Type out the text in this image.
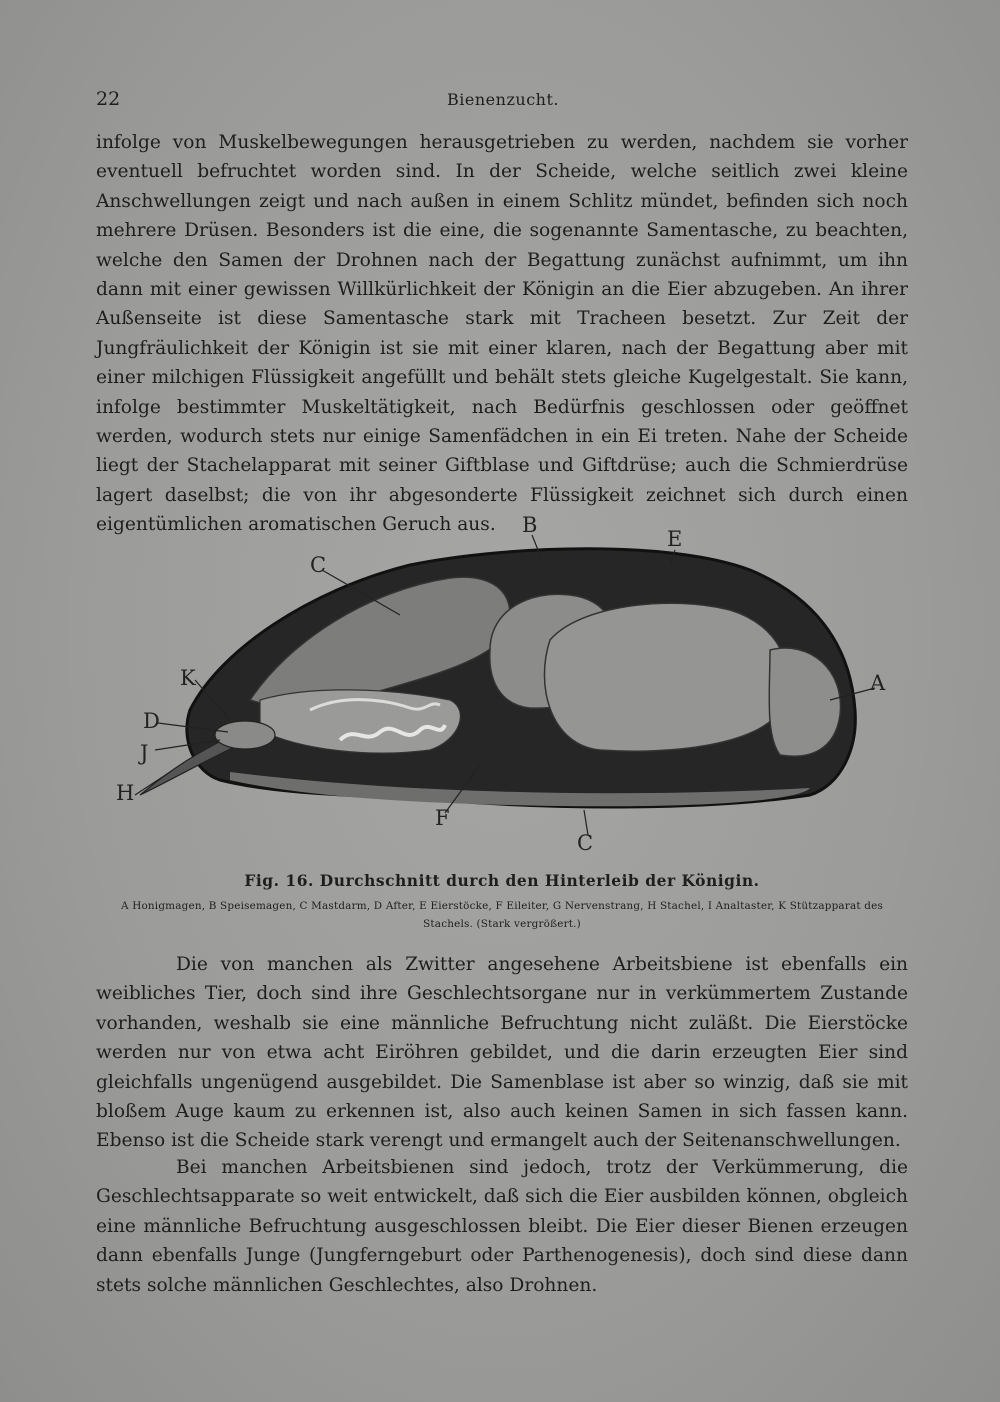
22	Bienenzucht.

infolge von Muskelbewegungen herausgetrieben zu werden, nachdem sie vorher eventuell befruchtet worden sind. In der Scheide, welche seitlich zwei kleine Anschwellungen zeigt und nach außen in einem Schlitz mündet, befinden sich noch mehrere Drüsen. Besonders ist die eine, die sogenannte Samentasche, zu beachten, welche den Samen der Drohnen nach der Begattung zunächst aufnimmt, um ihn dann mit einer gewissen Willkürlichkeit der Königin an die Eier abzugeben. An ihrer Außenseite ist diese Samentasche stark mit Tracheen besetzt. Zur Zeit der Jungfräulichkeit der Königin ist sie mit einer klaren, nach der Begattung aber mit einer milchigen Flüssigkeit angefüllt und behält stets gleiche Kugelgestalt. Sie kann, infolge bestimmter Muskeltätigkeit, nach Bedürfnis geschlossen oder geöffnet werden, wodurch stets nur einige Samenfädchen in ein Ei treten. Nahe der Scheide liegt der Stachelapparat mit seiner Giftblase und Giftdrüse; auch die Schmierdrüse lagert daselbst; die von ihr abgesonderte Flüssigkeit zeichnet sich durch einen eigentümlichen aromatischen Geruch aus.	B
E
C
A
K
D
J
H
F
C
Fig. 16. Durchschnitt durch den Hinterleib der Königin.
A Honigmagen, B Speisemagen, C Mastdarm, D After, E Eierstöcke, F Eileiter, G Nervenstrang, H Stachel, I Analtaster, K Stützapparat des Stachels. (Stark vergrößert.)

Die von manchen als Zwitter angesehene Arbeitsbiene ist ebenfalls ein weibliches Tier, doch sind ihre Geschlechtsorgane nur in verkümmertem Zustande vorhanden, weshalb sie eine männliche Befruchtung nicht zuläßt. Die Eierstöcke werden nur von etwa acht Eiröhren gebildet, und die darin erzeugten Eier sind gleichfalls ungenügend ausgebildet. Die Samenblase ist aber so winzig, daß sie mit bloßem Auge kaum zu erkennen ist, also auch keinen Samen in sich fassen kann. Ebenso ist die Scheide stark verengt und ermangelt auch der Seitenanschwellungen.

Bei manchen Arbeitsbienen sind jedoch, trotz der Verkümmerung, die Geschlechtsapparate so weit entwickelt, daß sich die Eier ausbilden können, obgleich eine männliche Befruchtung ausgeschlossen bleibt. Die Eier dieser Bienen erzeugen dann ebenfalls Junge (Jungferngeburt oder Parthenogenesis), doch sind diese dann stets solche männlichen Geschlechtes, also Drohnen.
